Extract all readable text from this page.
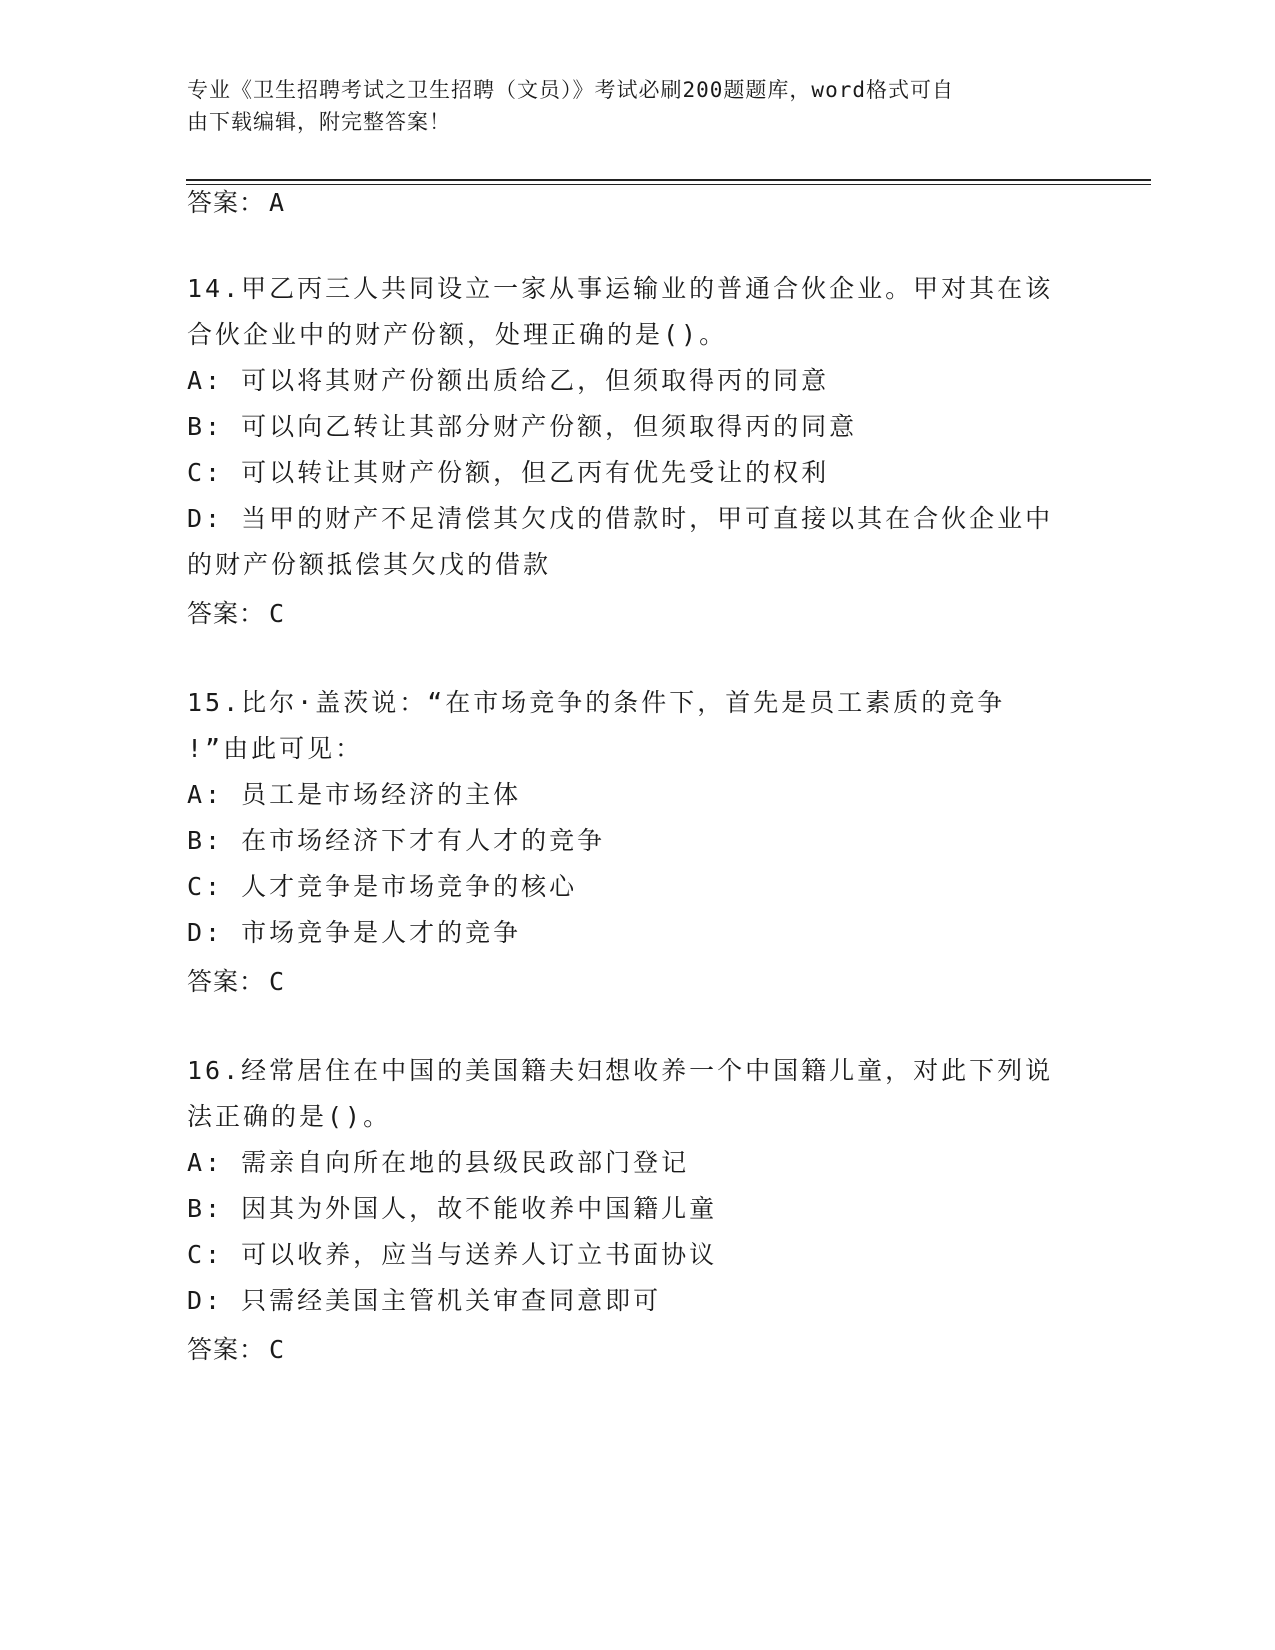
专业《卫生招聘考试之卫生招聘（文员）》考试必刷200题题库，word格式可自
由下载编辑，附完整答案！
答案： A

14.甲乙丙三人共同设立一家从事运输业的普通合伙企业。甲对其在该

合伙企业中的财产份额，处理正确的是()。

A: 可以将其财产份额出质给乙，但须取得丙的同意
B: 可以向乙转让其部分财产份额，但须取得丙的同意
C: 可以转让其财产份额，但乙丙有优先受让的权利
D: 当甲的财产不足清偿其欠戊的借款时，甲可直接以其在合伙企业中
的财产份额抵偿其欠戊的借款
答案： C

15.比尔·盖茨说：“在市场竞争的条件下，首先是员工素质的竞争

!”由此可见：

A: 员工是市场经济的主体
B: 在市场经济下才有人才的竞争
C: 人才竞争是市场竞争的核心
D: 市场竞争是人才的竞争
答案： C

16.经常居住在中国的美国籍夫妇想收养一个中国籍儿童，对此下列说

法正确的是()。

A: 需亲自向所在地的县级民政部门登记
B: 因其为外国人，故不能收养中国籍儿童
C: 可以收养，应当与送养人订立书面协议
D: 只需经美国主管机关审查同意即可
答案： C
